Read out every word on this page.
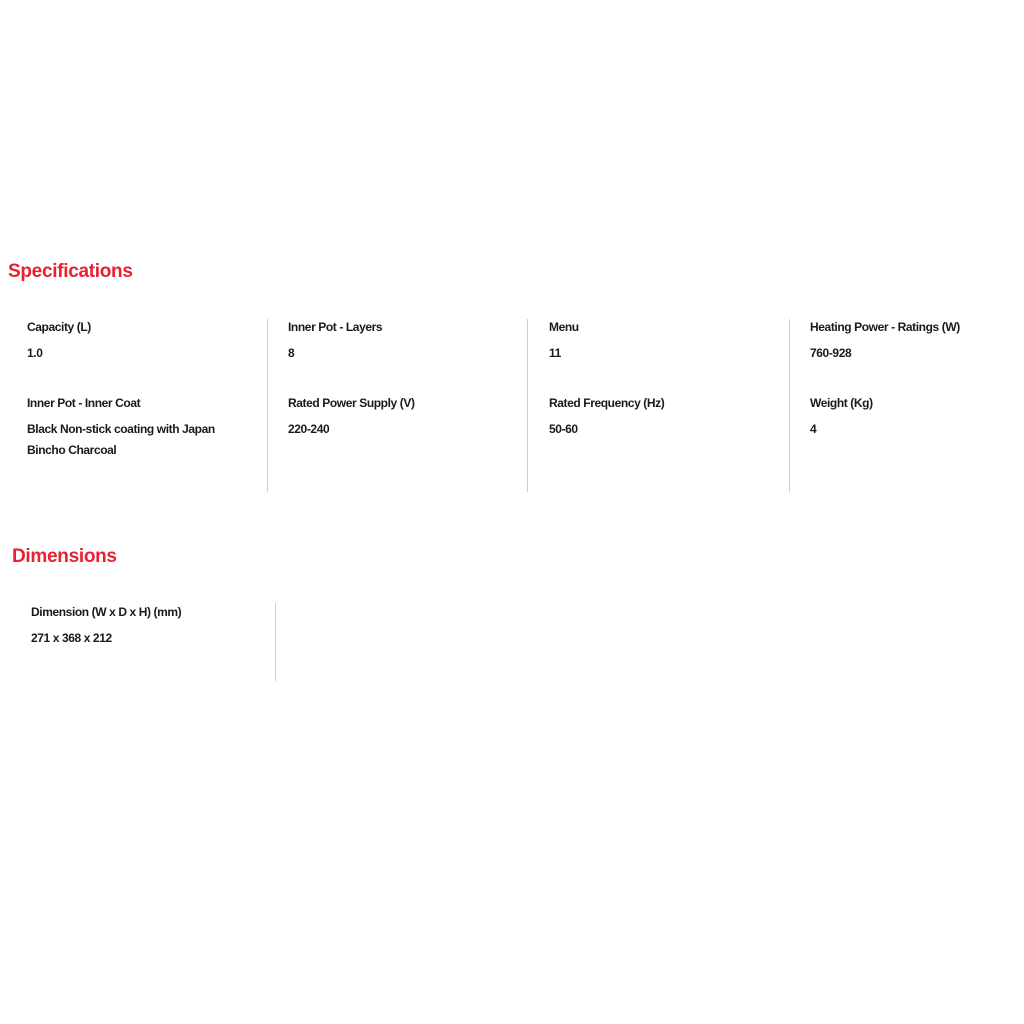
Specifications
Capacity (L)
1.0
Inner Pot - Layers
8
Menu
11
Heating Power - Ratings (W)
760-928
Inner Pot - Inner Coat
Black Non-stick coating with Japan Bincho Charcoal
Rated Power Supply (V)
220-240
Rated Frequency (Hz)
50-60
Weight (Kg)
4
Dimensions
Dimension (W x D x H) (mm)
271 x 368 x 212
